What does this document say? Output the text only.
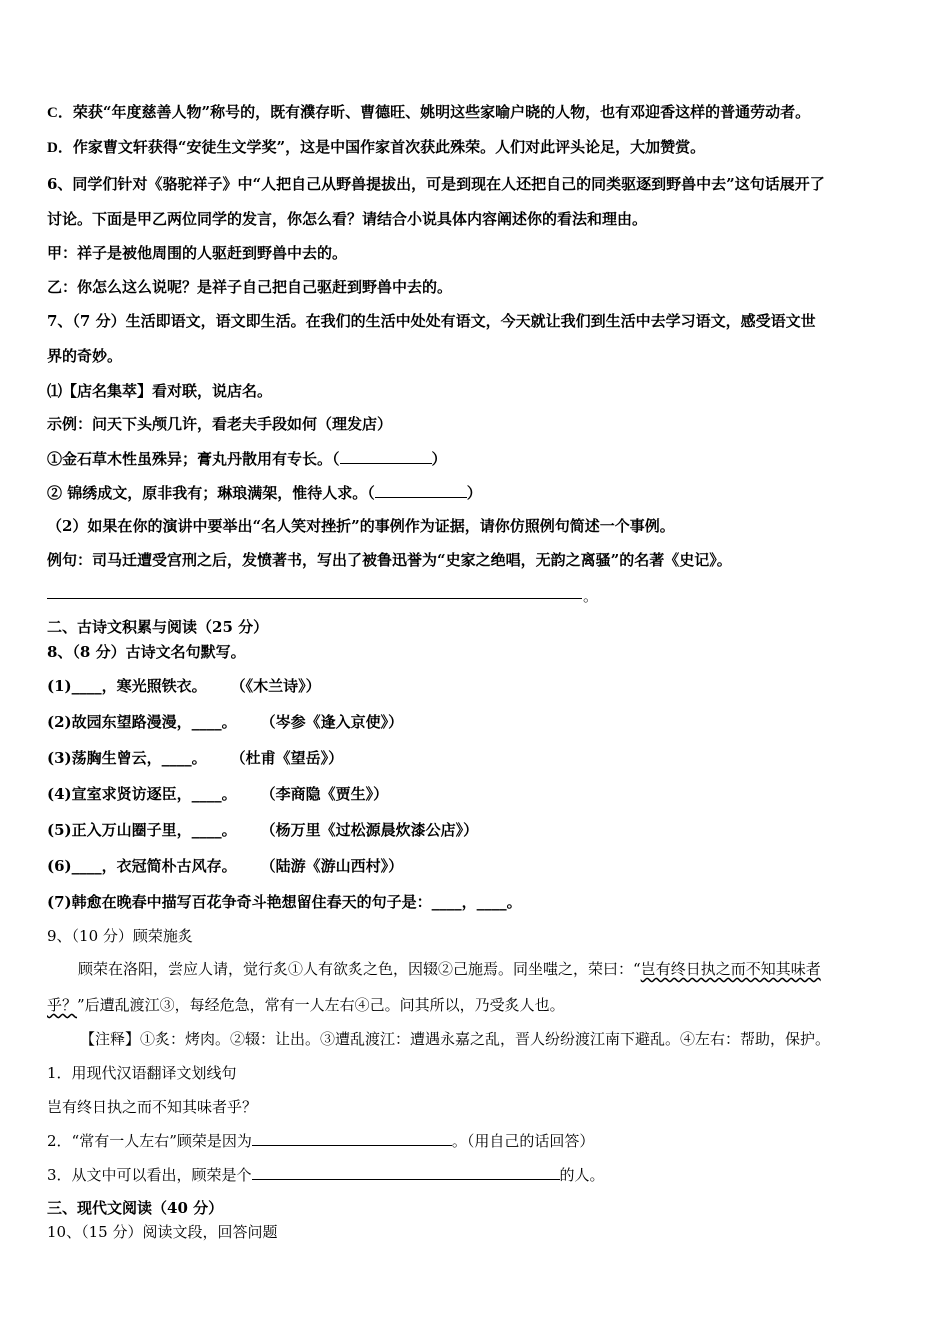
C．荣获“年度慈善人物”称号的，既有濮存昕、曹德旺、姚明这些家喻户晓的人物，也有邓迎香这样的普通劳动者。
D．作家曹文轩获得“安徒生文学奖”，这是中国作家首次获此殊荣。人们对此评头论足，大加赞赏。
6、同学们针对《骆驼祥子》中“人把自己从野兽提拔出，可是到现在人还把自己的同类驱逐到野兽中去”这句话展开了
讨论。下面是甲乙两位同学的发言，你怎么看？请结合小说具体内容阐述你的看法和理由。
甲：祥子是被他周围的人驱赶到野兽中去的。
乙：你怎么这么说呢？是祥子自己把自己驱赶到野兽中去的。
7、（7 分）生活即语文，语文即生活。在我们的生活中处处有语文，今天就让我们到生活中去学习语文，感受语文世
界的奇妙。
⑴【店名集萃】看对联，说店名。
示例：问天下头颅几许，看老夫手段如何（理发店）
①金石草木性虽殊异；膏丸丹散用有专长。（	）
② 锦绣成文，原非我有；琳琅满架，惟待人求。（	）
（2）如果在你的演讲中要举出“名人笑对挫折”的事例作为证据，请你仿照例句简述一个事例。
例句：司马迁遭受宫刑之后，发愤著书，写出了被鲁迅誉为“史家之绝唱，无韵之离骚”的名著《史记》。
。
二、古诗文积累与阅读（25 分）
8、（8 分）古诗文名句默写。
(1)____，寒光照铁衣。 （《木兰诗》）
(2)故园东望路漫漫，____。 （岑参《逢入京使》）
(3)荡胸生曾云，____。 （杜甫《望岳》）
(4)宣室求贤访逐臣，____。 （李商隐《贾生》）
(5)正入万山圈子里，____。 （杨万里《过松源晨炊漆公店》）
(6)____，衣冠简朴古风存。 （陆游《游山西村》）
(7)韩愈在晚春中描写百花争奇斗艳想留住春天的句子是：____，____。
9、（10 分）顾荣施炙
顾荣在洛阳，尝应人请，觉行炙①人有欲炙之色，因辍②己施焉。同坐嗤之，荣曰：“岂有终日执之而不知其味者
乎？”后遭乱渡江③，每经危急，常有一人左右④己。问其所以，乃受炙人也。
【注释】①炙：烤肉。②辍：让出。③遭乱渡江：遭遇永嘉之乱，晋人纷纷渡江南下避乱。④左右：帮助，保护。
1．用现代汉语翻译文划线句
岂有终日执之而不知其味者乎？
2．“常有一人左右”顾荣是因为	。（用自己的话回答）
3．从文中可以看出，顾荣是个	的人。
三、现代文阅读（40 分）
10、（15 分）阅读文段，回答问题
